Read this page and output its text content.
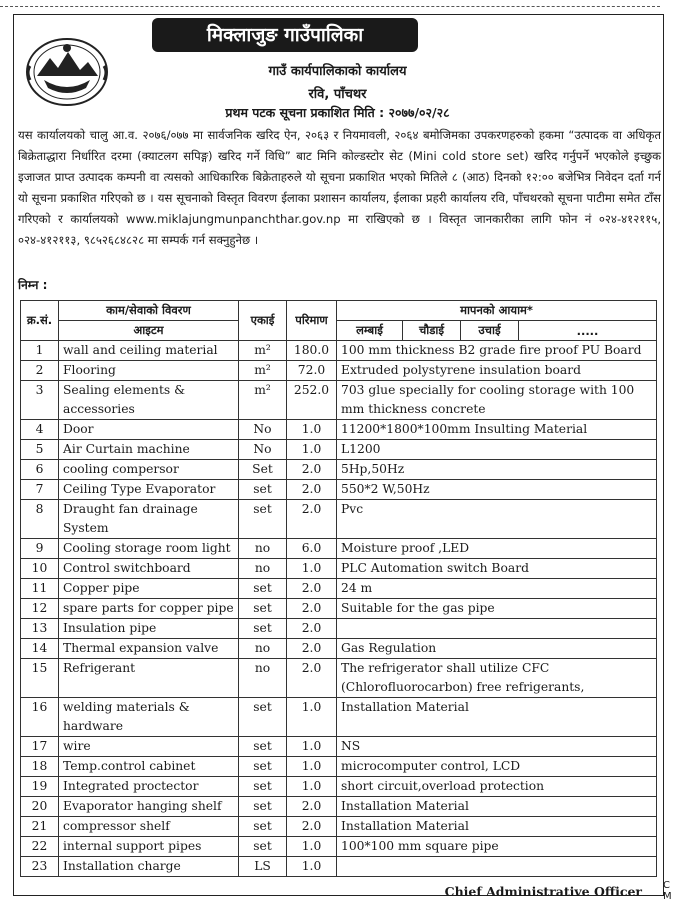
मिक्लाजुङ गाउँपालिका
गाउँ कार्यपालिकाको कार्यालय
रवि, पाँचथर
प्रथम पटक सूचना प्रकाशित मिति : २०७७/०२/२८
यस कार्यालयको चालु आ.व. २०७६/०७७ मा सार्वजनिक खरिद ऐन, २०६३ र नियमावली, २०६४ बमोजिमका उपकरणहरुको हकमा “उत्पादक वा अधिकृत बिक्रेताद्धारा निर्धारित दरमा (क्याटलग सपिङ्ग) खरिद गर्ने विधि” बाट मिनि कोल्डस्टोर सेट (Mini cold store set) खरिद गर्नुपर्ने भएकोले इच्छुक इजाजत प्राप्त उत्पादक कम्पनी वा त्यसको आधिकारिक बिक्रेताहरुले यो सूचना प्रकाशित भएको मितिले ८ (आठ) दिनको १२:०० बजेभित्र निवेदन दर्ता गर्न यो सूचना प्रकाशित गरिएको छ । यस सूचनाको विस्तृत विवरण ईलाका प्रशासन कार्यालय, ईलाका प्रहरी कार्यालय रवि, पाँचथरको सूचना पाटीमा समेत टाँस गरिएको र कार्यालयको www.miklajungmunpanchthar.gov.np मा राखिएको छ । विस्तृत जानकारीका लागि फोन नं ०२४-४१२११५, ०२४-४१२११३, ९८५२६८४८२८ मा सम्पर्क गर्न सक्नुहुनेछ ।
निम्न :
क्र.सं.	काम/सेवाको विवरण	एकाई	परिमाण	मापनको आयाम*			
	आइटम			लम्बाई	चौडाई	उचाई	.....
1	wall and ceiling material	m²	180.0	100 mm thickness B2 grade fire proof PU Board			
2	Flooring	m²	72.0	Extruded polystyrene insulation board			
3	Sealing elements & accessories	m²	252.0	703 glue specially for cooling storage with 100 mm thickness concrete			
4	Door	No	1.0	11200*1800*100mm Insulting Material			
5	Air Curtain machine	No	1.0	L1200			
6	cooling compersor	Set	2.0	5Hp,50Hz			
7	Ceiling Type Evaporator	set	2.0	550*2 W,50Hz			
8	Draught fan drainage System	set	2.0	Pvc			
9	Cooling storage room light	no	6.0	Moisture proof ,LED			
10	Control switchboard	no	1.0	PLC Automation switch Board			
11	Copper pipe	set	2.0	24 m			
12	spare parts for copper pipe	set	2.0	Suitable for the gas pipe			
13	Insulation pipe	set	2.0				
14	Thermal expansion valve	no	2.0	Gas Regulation			
15	Refrigerant	no	2.0	The refrigerator shall utilize CFC (Chlorofluorocarbon) free refrigerants,			
16	welding materials & hardware	set	1.0	Installation Material			
17	wire	set	1.0	NS			
18	Temp.control cabinet	set	1.0	microcomputer control, LCD			
19	Integrated proctector	set	1.0	short circuit,overload protection			
20	Evaporator hanging shelf	set	2.0	Installation Material			
21	compressor shelf	set	2.0	Installation Material			
22	internal support pipes	set	1.0	100*100 mm square pipe			
23	Installation charge	LS	1.0				
Chief Administrative Officer C
M
